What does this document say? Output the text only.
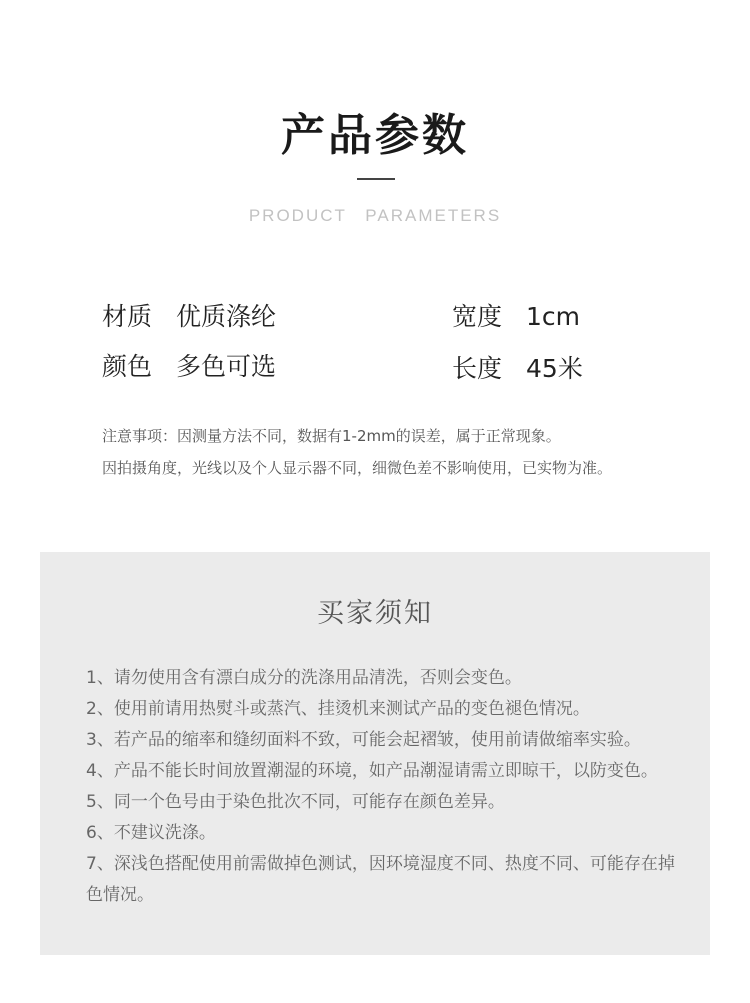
产品参数
PRODUCT PARAMETERS
材质 优质涤纶	宽度 1cm
颜色 多色可选	长度 45米

注意事项：因测量方法不同，数据有1-2mm的误差，属于正常现象。

因拍摄角度，光线以及个人显示器不同，细微色差不影响使用，已实物为准。

买家须知

1、请勿使用含有漂白成分的洗涤用品清洗，否则会变色。

2、使用前请用热熨斗或蒸汽、挂烫机来测试产品的变色褪色情况。

3、若产品的缩率和缝纫面料不致，可能会起褶皱，使用前请做缩率实验。

4、产品不能长时间放置潮湿的环境，如产品潮湿请需立即晾干，以防变色。

5、同一个色号由于染色批次不同，可能存在颜色差异。

6、不建议洗涤。

7、深浅色搭配使用前需做掉色测试，因环境湿度不同、热度不同、可能存在掉色情况。
